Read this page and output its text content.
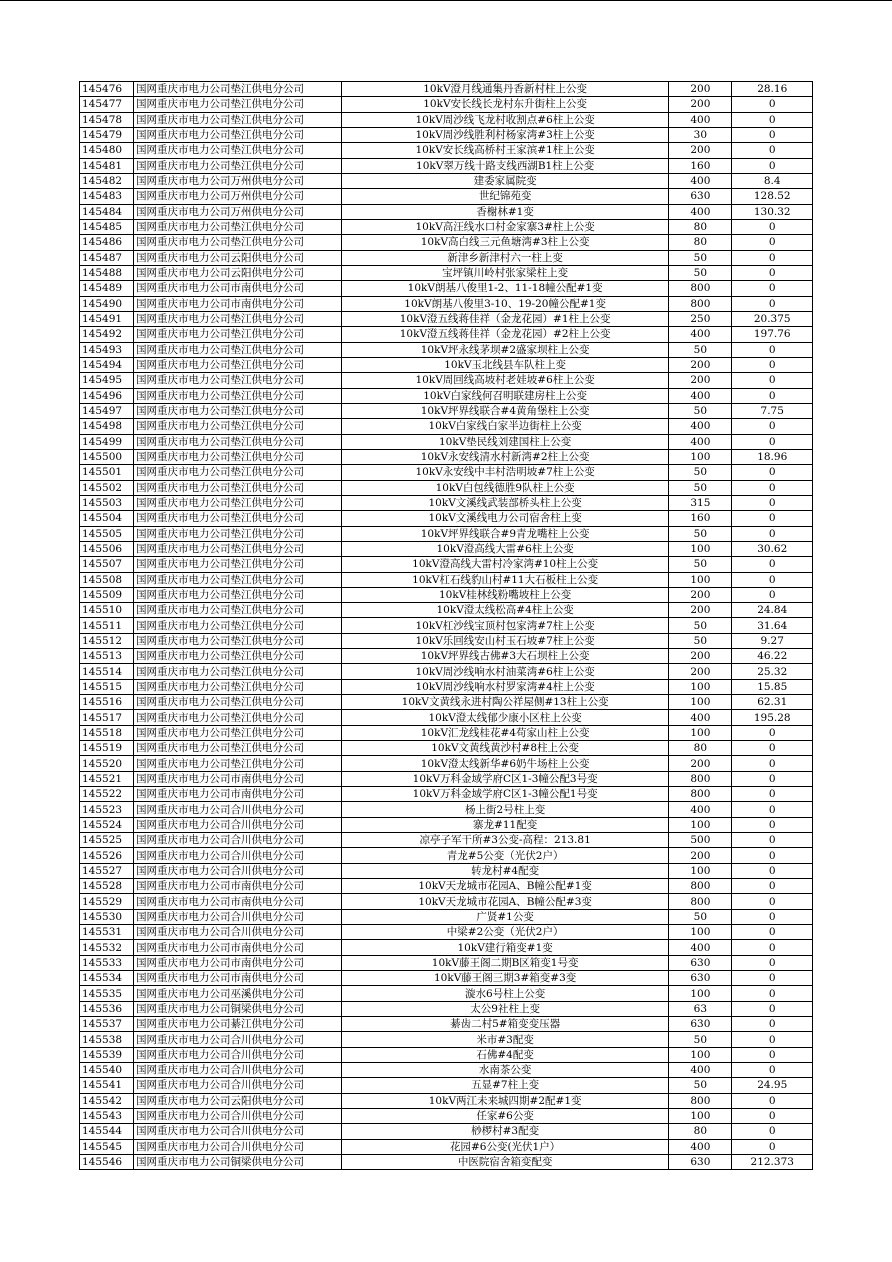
145476	国网重庆市电力公司垫江供电分公司	10kV澄月线通集丹香新村柱上公变	200	28.16
145477	国网重庆市电力公司垫江供电分公司	10kV安长线长龙村东升街柱上公变	200	0
145478	国网重庆市电力公司垫江供电分公司	10kV周沙线飞龙村收割点#6柱上公变	400	0
145479	国网重庆市电力公司垫江供电分公司	10kV周沙线胜利村杨家湾#3柱上公变	30	0
145480	国网重庆市电力公司垫江供电分公司	10kV安长线高桥村王家滨#1柱上公变	200	0
145481	国网重庆市电力公司垫江供电分公司	10kV翠万线十路支线西湖B1柱上公变	160	0
145482	国网重庆市电力公司万州供电分公司	建委家属院变	400	8.4
145483	国网重庆市电力公司万州供电分公司	世纪锦苑变	630	128.52
145484	国网重庆市电力公司万州供电分公司	香榭林#1变	400	130.32
145485	国网重庆市电力公司垫江供电分公司	10kV高汪线水口村金家寨3#柱上公变	80	0
145486	国网重庆市电力公司垫江供电分公司	10kV高白线三元鱼塘湾#3柱上公变	80	0
145487	国网重庆市电力公司云阳供电分公司	新津乡新津村六一柱上变	50	0
145488	国网重庆市电力公司云阳供电分公司	宝坪镇川岭村张家梁柱上变	50	0
145489	国网重庆市电力公司市南供电分公司	10kV朗基八俊里1-2、11-18幢公配#1变	800	0
145490	国网重庆市电力公司市南供电分公司	10kV朗基八俊里3-10、19-20幢公配#1变	800	0
145491	国网重庆市电力公司垫江供电分公司	10kV澄五线蒋佳祥（金龙花园）#1柱上公变	250	20.375
145492	国网重庆市电力公司垫江供电分公司	10kV澄五线蒋佳祥（金龙花园）#2柱上公变	400	197.76
145493	国网重庆市电力公司垫江供电分公司	10kV坪永线茅坝#2盛家坝柱上公变	50	0
145494	国网重庆市电力公司垫江供电分公司	10kV玉北线县车队柱上变	200	0
145495	国网重庆市电力公司垫江供电分公司	10kV周回线高坡村老娃坡#6柱上公变	200	0
145496	国网重庆市电力公司垫江供电分公司	10kV白家线何召明联建房柱上公变	400	0
145497	国网重庆市电力公司垫江供电分公司	10kV坪界线联合#4黄角堡柱上公变	50	7.75
145498	国网重庆市电力公司垫江供电分公司	10kV白家线白家半边街柱上公变	400	0
145499	国网重庆市电力公司垫江供电分公司	10kV垫民线刘建国柱上公变	400	0
145500	国网重庆市电力公司垫江供电分公司	10kV永安线清水村新湾#2柱上公变	100	18.96
145501	国网重庆市电力公司垫江供电分公司	10kV永安线中丰村浩明坡#7柱上公变	50	0
145502	国网重庆市电力公司垫江供电分公司	10kV白包线德胜9队柱上公变	50	0
145503	国网重庆市电力公司垫江供电分公司	10kV文溪线武装部桥头柱上公变	315	0
145504	国网重庆市电力公司垫江供电分公司	10kV文溪线电力公司宿舍柱上变	160	0
145505	国网重庆市电力公司垫江供电分公司	10kV坪界线联合#9青龙嘴柱上公变	50	0
145506	国网重庆市电力公司垫江供电分公司	10kV澄高线大雷#6柱上公变	100	30.62
145507	国网重庆市电力公司垫江供电分公司	10kV澄高线大雷村冷家湾#10柱上公变	50	0
145508	国网重庆市电力公司垫江供电分公司	10kV杠石线豹山村#11大石板柱上公变	100	0
145509	国网重庆市电力公司垫江供电分公司	10kV桂林线粉嘴坡柱上公变	200	0
145510	国网重庆市电力公司垫江供电分公司	10kV澄太线松高#4柱上公变	200	24.84
145511	国网重庆市电力公司垫江供电分公司	10kV杠沙线宝顶村包家湾#7柱上公变	50	31.64
145512	国网重庆市电力公司垫江供电分公司	10kV乐回线安山村玉石坡#7柱上公变	50	9.27
145513	国网重庆市电力公司垫江供电分公司	10kV坪界线古佛#3大石坝柱上公变	200	46.22
145514	国网重庆市电力公司垫江供电分公司	10kV周沙线响水村油菜湾#6柱上公变	200	25.32
145515	国网重庆市电力公司垫江供电分公司	10kV周沙线响水村罗家湾#4柱上公变	100	15.85
145516	国网重庆市电力公司垫江供电分公司	10kV文黄线永进村陶公祥屋侧#13柱上公变	100	62.31
145517	国网重庆市电力公司垫江供电分公司	10kV澄太线郁少康小区柱上公变	400	195.28
145518	国网重庆市电力公司垫江供电分公司	10kV汇龙线桂花#4苟家山柱上公变	100	0
145519	国网重庆市电力公司垫江供电分公司	10kV文黄线黄沙村#8柱上公变	80	0
145520	国网重庆市电力公司垫江供电分公司	10kV澄太线新华#6奶牛场柱上公变	200	0
145521	国网重庆市电力公司市南供电分公司	10kV万科金域学府C区1-3幢公配3号变	800	0
145522	国网重庆市电力公司市南供电分公司	10kV万科金域学府C区1-3幢公配1号变	800	0
145523	国网重庆市电力公司合川供电分公司	杨上街2号柱上变	400	0
145524	国网重庆市电力公司合川供电分公司	寨龙#11配变	100	0
145525	国网重庆市电力公司合川供电分公司	凉亭子军干所#3公变-高程：213.81	500	0
145526	国网重庆市电力公司合川供电分公司	青龙#5公变（光伏2户）	200	0
145527	国网重庆市电力公司合川供电分公司	转龙村#4配变	100	0
145528	国网重庆市电力公司市南供电分公司	10kV天龙城市花园A、B幢公配#1变	800	0
145529	国网重庆市电力公司市南供电分公司	10kV天龙城市花园A、B幢公配#3变	800	0
145530	国网重庆市电力公司合川供电分公司	广贤#1公变	50	0
145531	国网重庆市电力公司合川供电分公司	中梁#2公变（光伏2户）	100	0
145532	国网重庆市电力公司市南供电分公司	10kV建行箱变#1变	400	0
145533	国网重庆市电力公司市南供电分公司	10kV藤王阁二期B区箱变1号变	630	0
145534	国网重庆市电力公司市南供电分公司	10kV藤王阁三期3#箱变#3变	630	0
145535	国网重庆市电力公司巫溪供电分公司	漩水6号柱上公变	100	0
145536	国网重庆市电力公司铜梁供电分公司	太公9社柱上变	63	0
145537	国网重庆市电力公司綦江供电分公司	綦齿二村5#箱变变压器	630	0
145538	国网重庆市电力公司合川供电分公司	米市#3配变	50	0
145539	国网重庆市电力公司合川供电分公司	石佛#4配变	100	0
145540	国网重庆市电力公司合川供电分公司	水南茶公变	400	0
145541	国网重庆市电力公司合川供电分公司	五显#7柱上变	50	24.95
145542	国网重庆市电力公司云阳供电分公司	10kV两江未来城四期#2配#1变	800	0
145543	国网重庆市电力公司合川供电分公司	任家#6公变	100	0
145544	国网重庆市电力公司合川供电分公司	桫椤村#3配变	80	0
145545	国网重庆市电力公司合川供电分公司	花园#6公变(光伏1户）	400	0
145546	国网重庆市电力公司铜梁供电分公司	中医院宿舍箱变配变	630	212.373
